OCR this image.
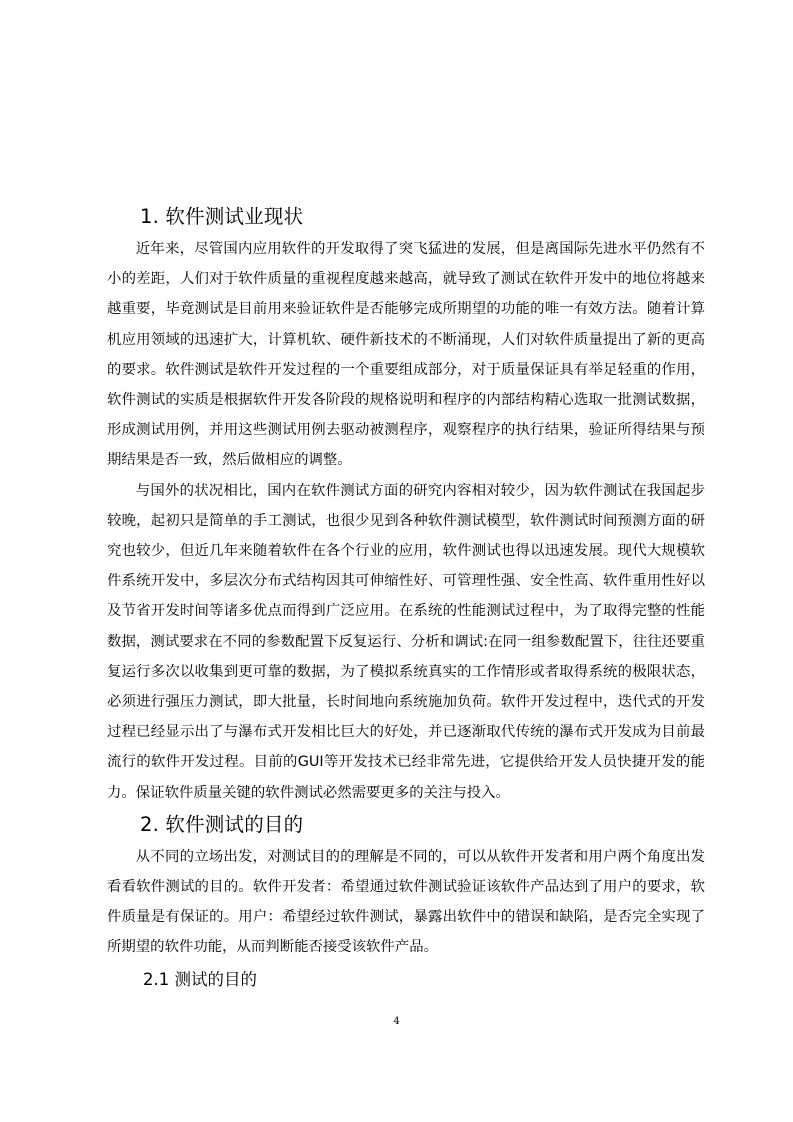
1. 软件测试业现状

近年来，尽管国内应用软件的开发取得了突飞猛进的发展，但是离国际先进水平仍然有不小的差距，人们对于软件质量的重视程度越来越高，就导致了测试在软件开发中的地位将越来越重要，毕竟测试是目前用来验证软件是否能够完成所期望的功能的唯一有效方法。随着计算机应用领域的迅速扩大，计算机软、硬件新技术的不断涌现，人们对软件质量提出了新的更高的要求。软件测试是软件开发过程的一个重要组成部分，对于质量保证具有举足轻重的作用，软件测试的实质是根据软件开发各阶段的规格说明和程序的内部结构精心选取一批测试数据，形成测试用例，并用这些测试用例去驱动被测程序，观察程序的执行结果，验证所得结果与预期结果是否一致，然后做相应的调整。

与国外的状况相比，国内在软件测试方面的研究内容相对较少，因为软件测试在我国起步较晚，起初只是简单的手工测试，也很少见到各种软件测试模型，软件测试时间预测方面的研究也较少，但近几年来随着软件在各个行业的应用，软件测试也得以迅速发展。现代大规模软件系统开发中，多层次分布式结构因其可伸缩性好、可管理性强、安全性高、软件重用性好以及节省开发时间等诸多优点而得到广泛应用。在系统的性能测试过程中，为了取得完整的性能数据，测试要求在不同的参数配置下反复运行、分析和调试:在同一组参数配置下，往往还要重复运行多次以收集到更可靠的数据，为了模拟系统真实的工作情形或者取得系统的极限状态，必须进行强压力测试，即大批量，长时间地向系统施加负荷。软件开发过程中，迭代式的开发过程已经显示出了与瀑布式开发相比巨大的好处，并已逐渐取代传统的瀑布式开发成为目前最流行的软件开发过程。目前的GUI等开发技术已经非常先进，它提供给开发人员快捷开发的能力。保证软件质量关键的软件测试必然需要更多的关注与投入。

2. 软件测试的目的

从不同的立场出发，对测试目的的理解是不同的，可以从软件开发者和用户两个角度出发看看软件测试的目的。软件开发者：希望通过软件测试验证该软件产品达到了用户的要求，软件质量是有保证的。用户：希望经过软件测试，暴露出软件中的错误和缺陷，是否完全实现了所期望的软件功能，从而判断能否接受该软件产品。

2.1 测试的目的
4
